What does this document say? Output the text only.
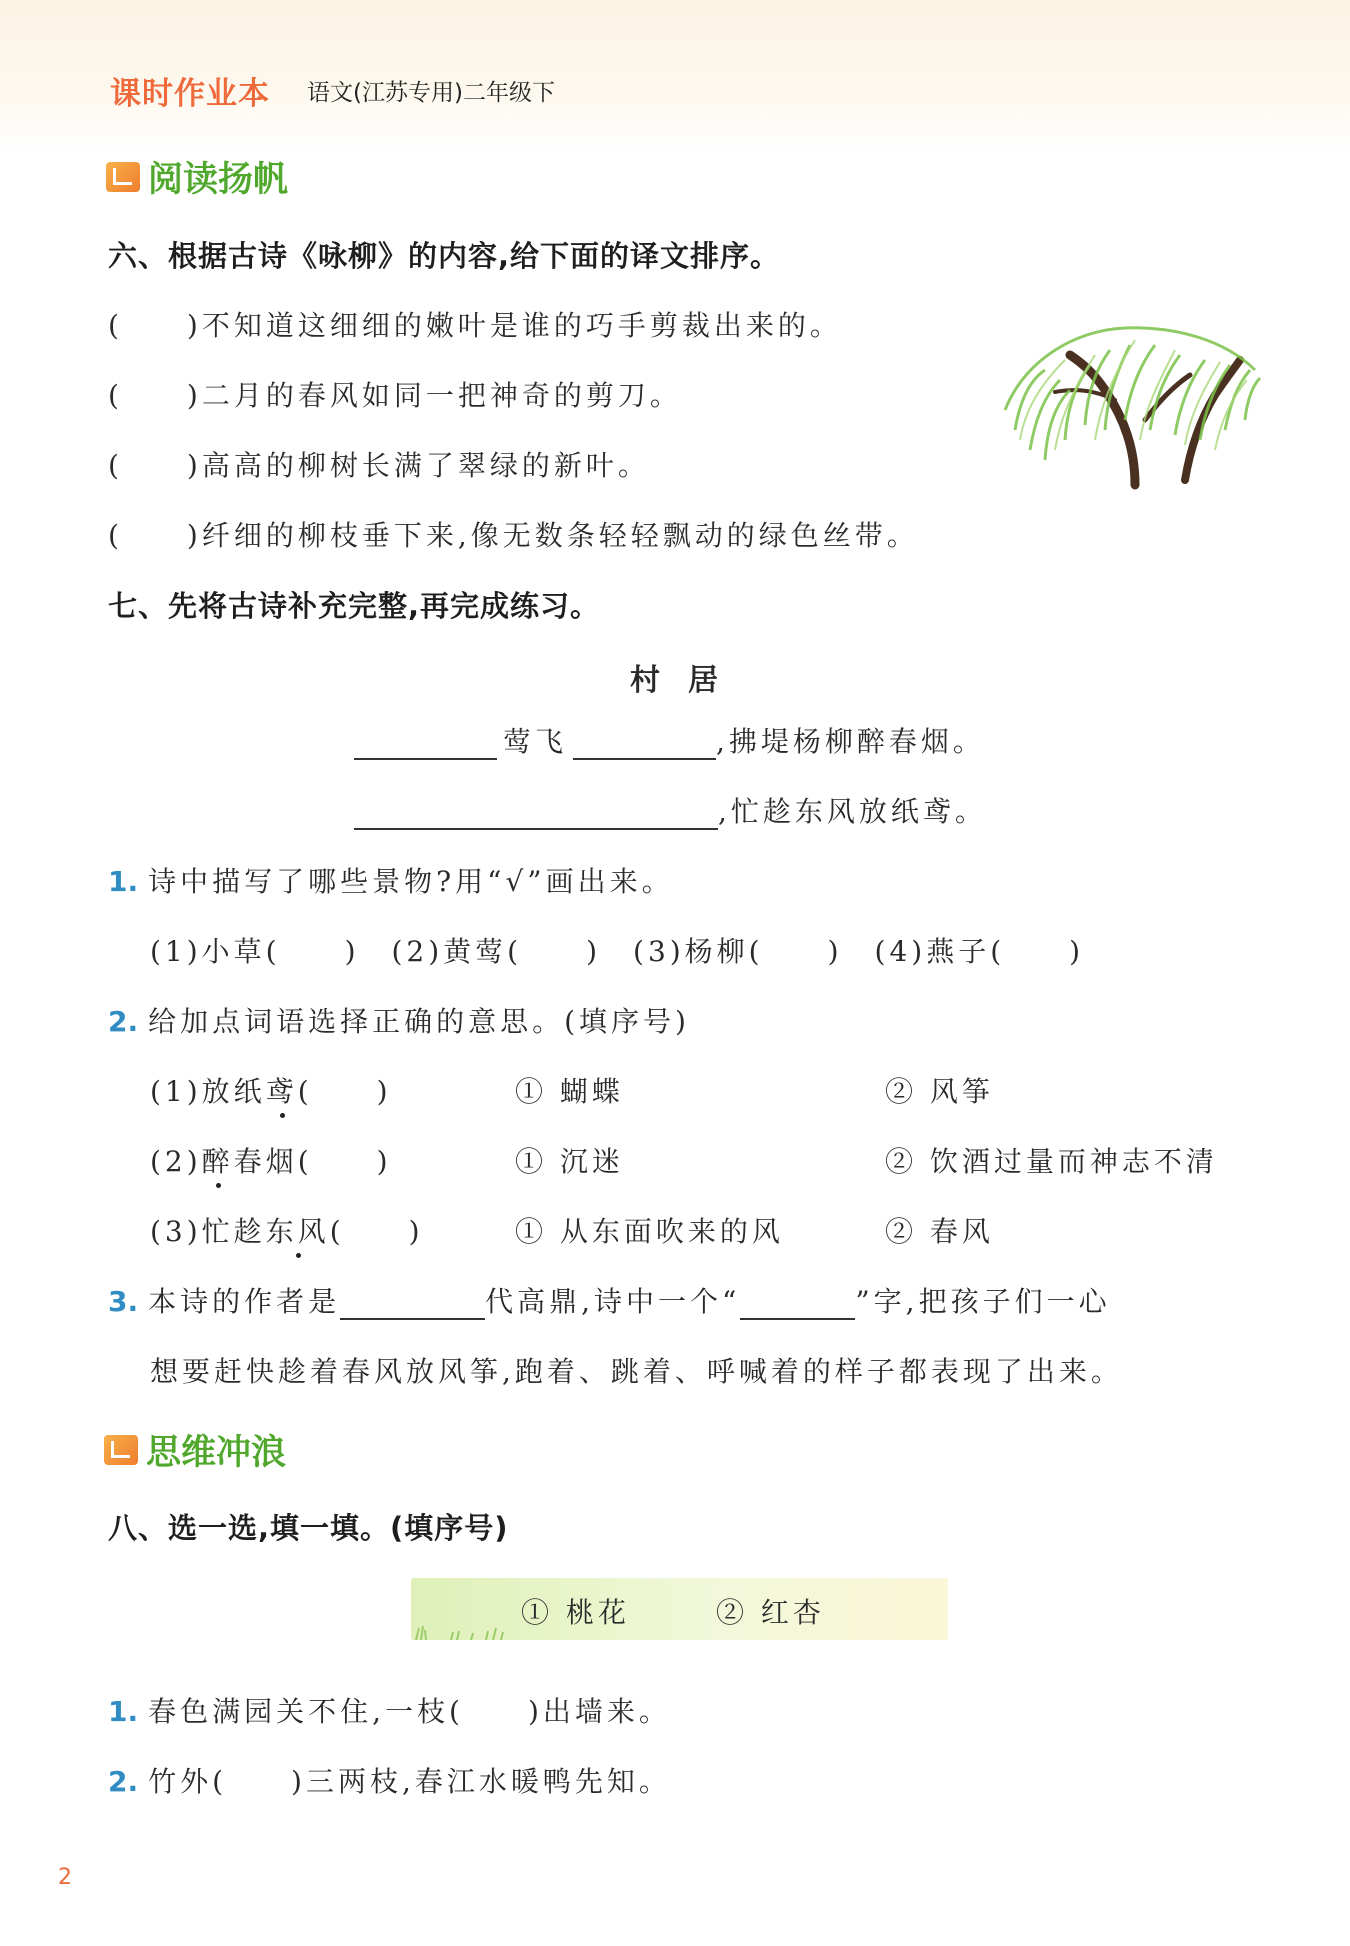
课时作业本 语文(江苏专用)二年级下
阅读扬帆
六、根据古诗《咏柳》的内容,给下面的译文排序。
(　　)不知道这细细的嫩叶是谁的巧手剪裁出来的。
(　　)二月的春风如同一把神奇的剪刀。
(　　)高高的柳树长满了翠绿的新叶。
(　　)纤细的柳枝垂下来,像无数条轻轻飘动的绿色丝带。
七、先将古诗补充完整,再完成练习。
村居
莺飞	,拂堤杨柳醉春烟。
,忙趁东风放纸鸢。
1. 诗中描写了哪些景物?用“√”画出来。
(1)小草(　　)　(2)黄莺(　　)　(3)杨柳(　　)　(4)燕子(　　)
2. 给加点词语选择正确的意思。(填序号)
(1)放纸鸢(　　)	① 蝴蝶	② 风筝
(2)醉春烟(　　)	① 沉迷	② 饮酒过量而神志不清
(3)忙趁东风(　　)	① 从东面吹来的风	② 春风
3. 本诗的作者是	代高鼎,诗中一个“	”字,把孩子们一心
想要赶快趁着春风放风筝,跑着、跳着、呼喊着的样子都表现了出来。
思维冲浪
八、选一选,填一填。(填序号)
① 桃花	② 红杏
1. 春色满园关不住,一枝(　　)出墙来。
2. 竹外(　　)三两枝,春江水暖鸭先知。
2
